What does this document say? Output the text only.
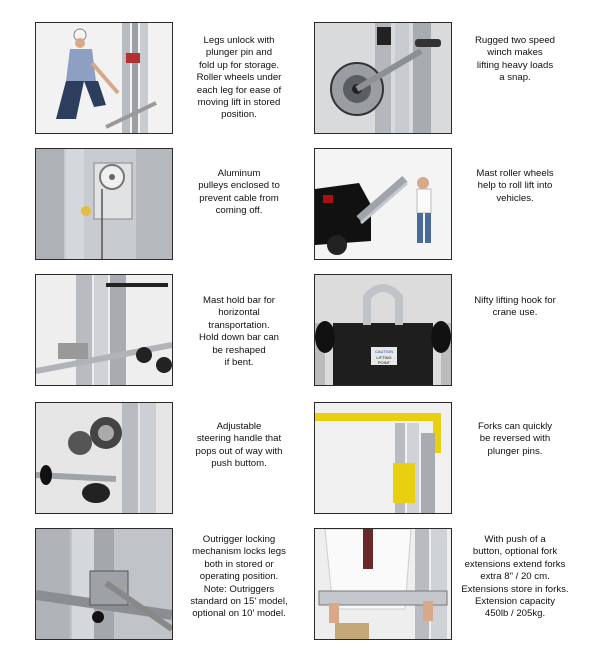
Legs unlock with
plunger pin and
fold up for storage.
Roller wheels under
each leg for ease of
moving lift in stored
position.
Rugged two speed
winch makes
lifting heavy loads
a snap.
Aluminum
pulleys enclosed to
prevent cable from
coming off.
Mast roller wheels
help to roll lift into
vehicles.
Mast hold bar for
horizontal
transportation.
Hold down bar can
be reshaped
if bent.
CAUTION
LIFTING
POINT
Nifty lifting hook for
crane use.
Adjustable
steering handle that
pops out of way with
push buttom.
Forks can quickly
be reversed with
plunger pins.
Outrigger locking
mechanism locks legs
both in stored or
operating position.
Note: Outriggers
standard on 15' model,
optional on 10' model.
With push of a
button, optional fork
extensions extend forks
extra 8" / 20 cm.
Extensions store in forks.
Extension capacity
450lb / 205kg.
